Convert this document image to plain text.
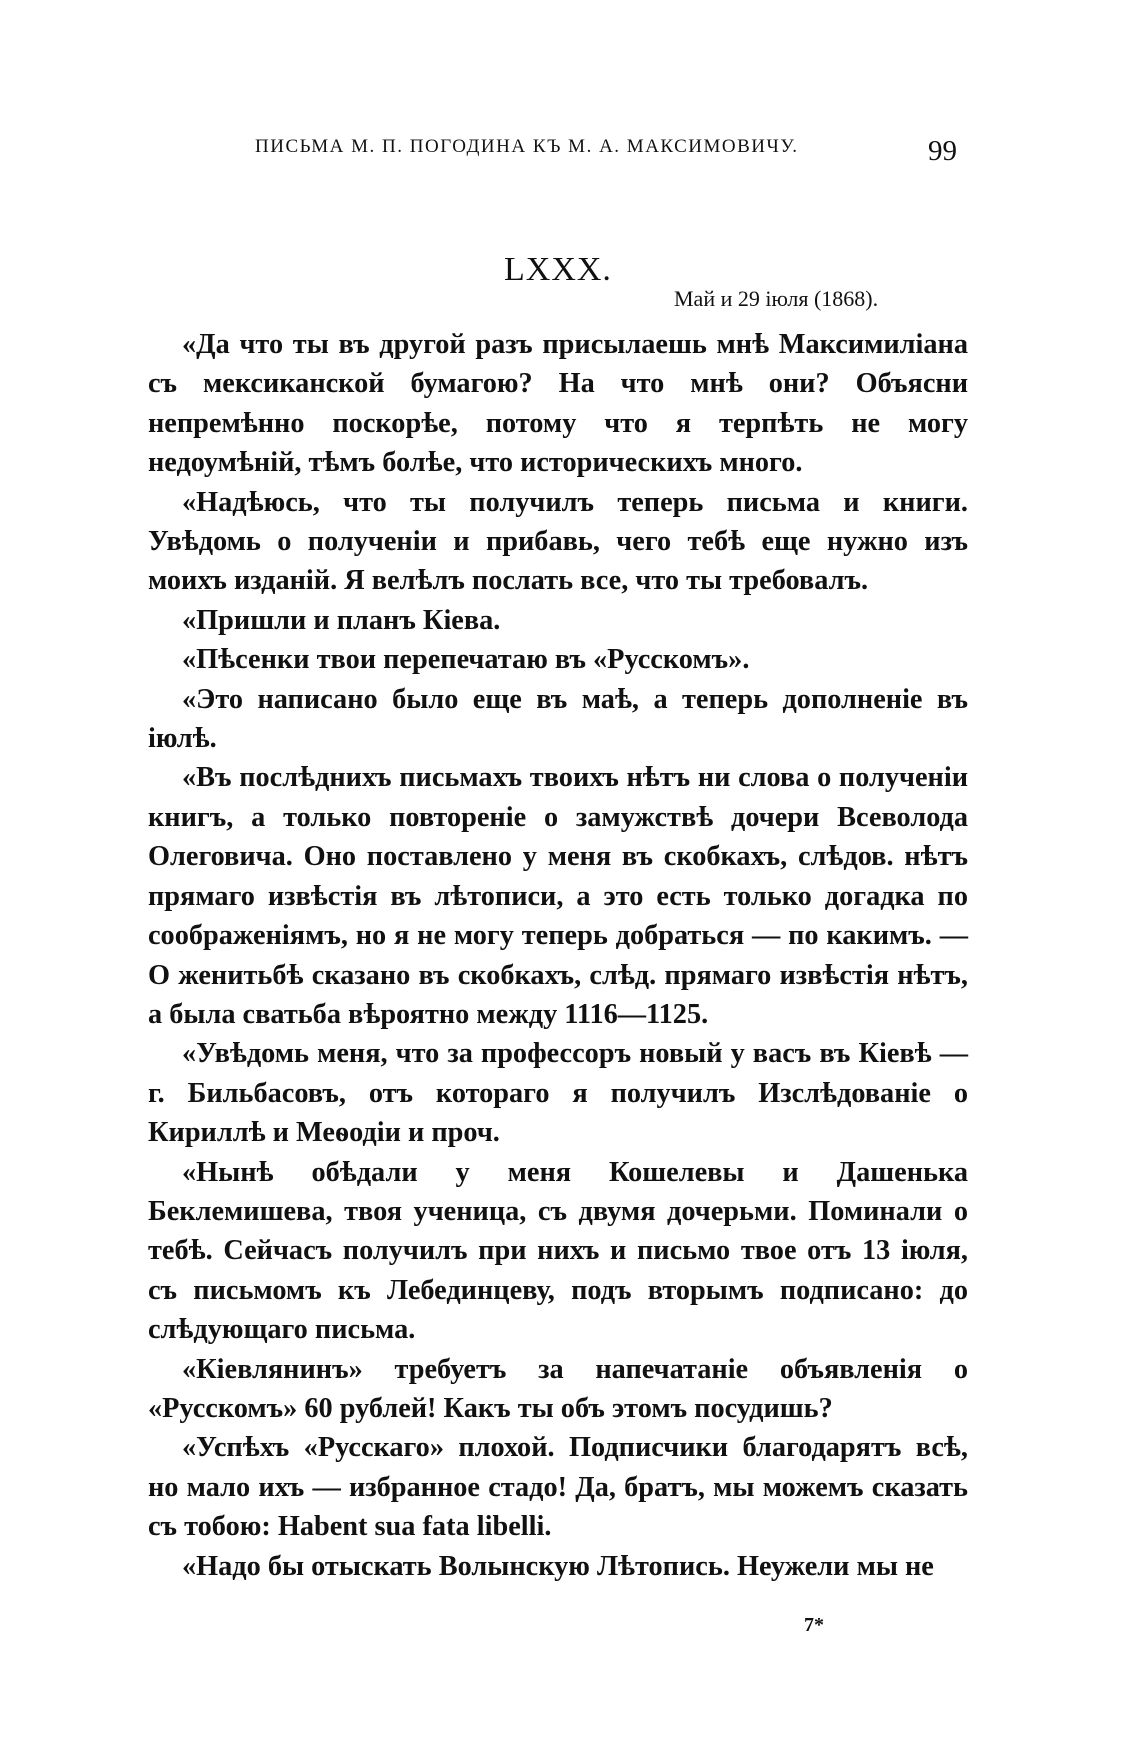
ПИСЬМА М. П. ПОГОДИНА КЪ М. А. МАКСИМОВИЧУ.	99
LXXX.
Май и 29 іюля (1868).

«Да что ты въ другой разъ присылаешь мнѣ Максимиліана съ мексиканской бумагою? На что мнѣ они? Объясни непремѣнно поскорѣе, потому что я терпѣть не могу недоумѣній, тѣмъ болѣе, что историческихъ много.

«Надѣюсь, что ты получилъ теперь письма и книги. Увѣдомь о полученіи и прибавь, чего тебѣ еще нужно изъ моихъ изданій. Я велѣлъ послать все, что ты требовалъ.

«Пришли и планъ Кіева.

«Пѣсенки твои перепечатаю въ «Русскомъ».

«Это написано было еще въ маѣ, а теперь дополненіе въ іюлѣ.

«Въ послѣднихъ письмахъ твоихъ нѣтъ ни слова о полученіи книгъ, а только повтореніе о замужствѣ дочери Всеволода Олеговича. Оно поставлено у меня въ скобкахъ, слѣдов. нѣтъ прямаго извѣстія въ лѣтописи, а это есть только догадка по соображеніямъ, но я не могу теперь добраться — по какимъ. — О женитьбѣ сказано въ скобкахъ, слѣд. прямаго извѣстія нѣтъ, а была сватьба вѣроятно между 1116—1125.

«Увѣдомь меня, что за профессоръ новый у васъ въ Кіевѣ — г. Бильбасовъ, отъ котораго я получилъ Изслѣдованіе о Кириллѣ и Меѳодіи и проч.

«Нынѣ обѣдали у меня Кошелевы и Дашенька Беклемишева, твоя ученица, съ двумя дочерьми. Поминали о тебѣ. Сейчасъ получилъ при нихъ и письмо твое отъ 13 іюля, съ письмомъ къ Лебединцеву, подъ вторымъ подписано: до слѣдующаго письма.

«Кіевлянинъ» требуетъ за напечатаніе объявленія о «Русскомъ» 60 рублей! Какъ ты объ этомъ посудишь?

«Успѣхъ «Русскаго» плохой. Подписчики благодарятъ всѣ, но мало ихъ — избранное стадо! Да, братъ, мы можемъ сказать съ тобою: Habent sua fata libelli.

«Надо бы отыскать Волынскую Лѣтопись. Неужели мы не

7*
